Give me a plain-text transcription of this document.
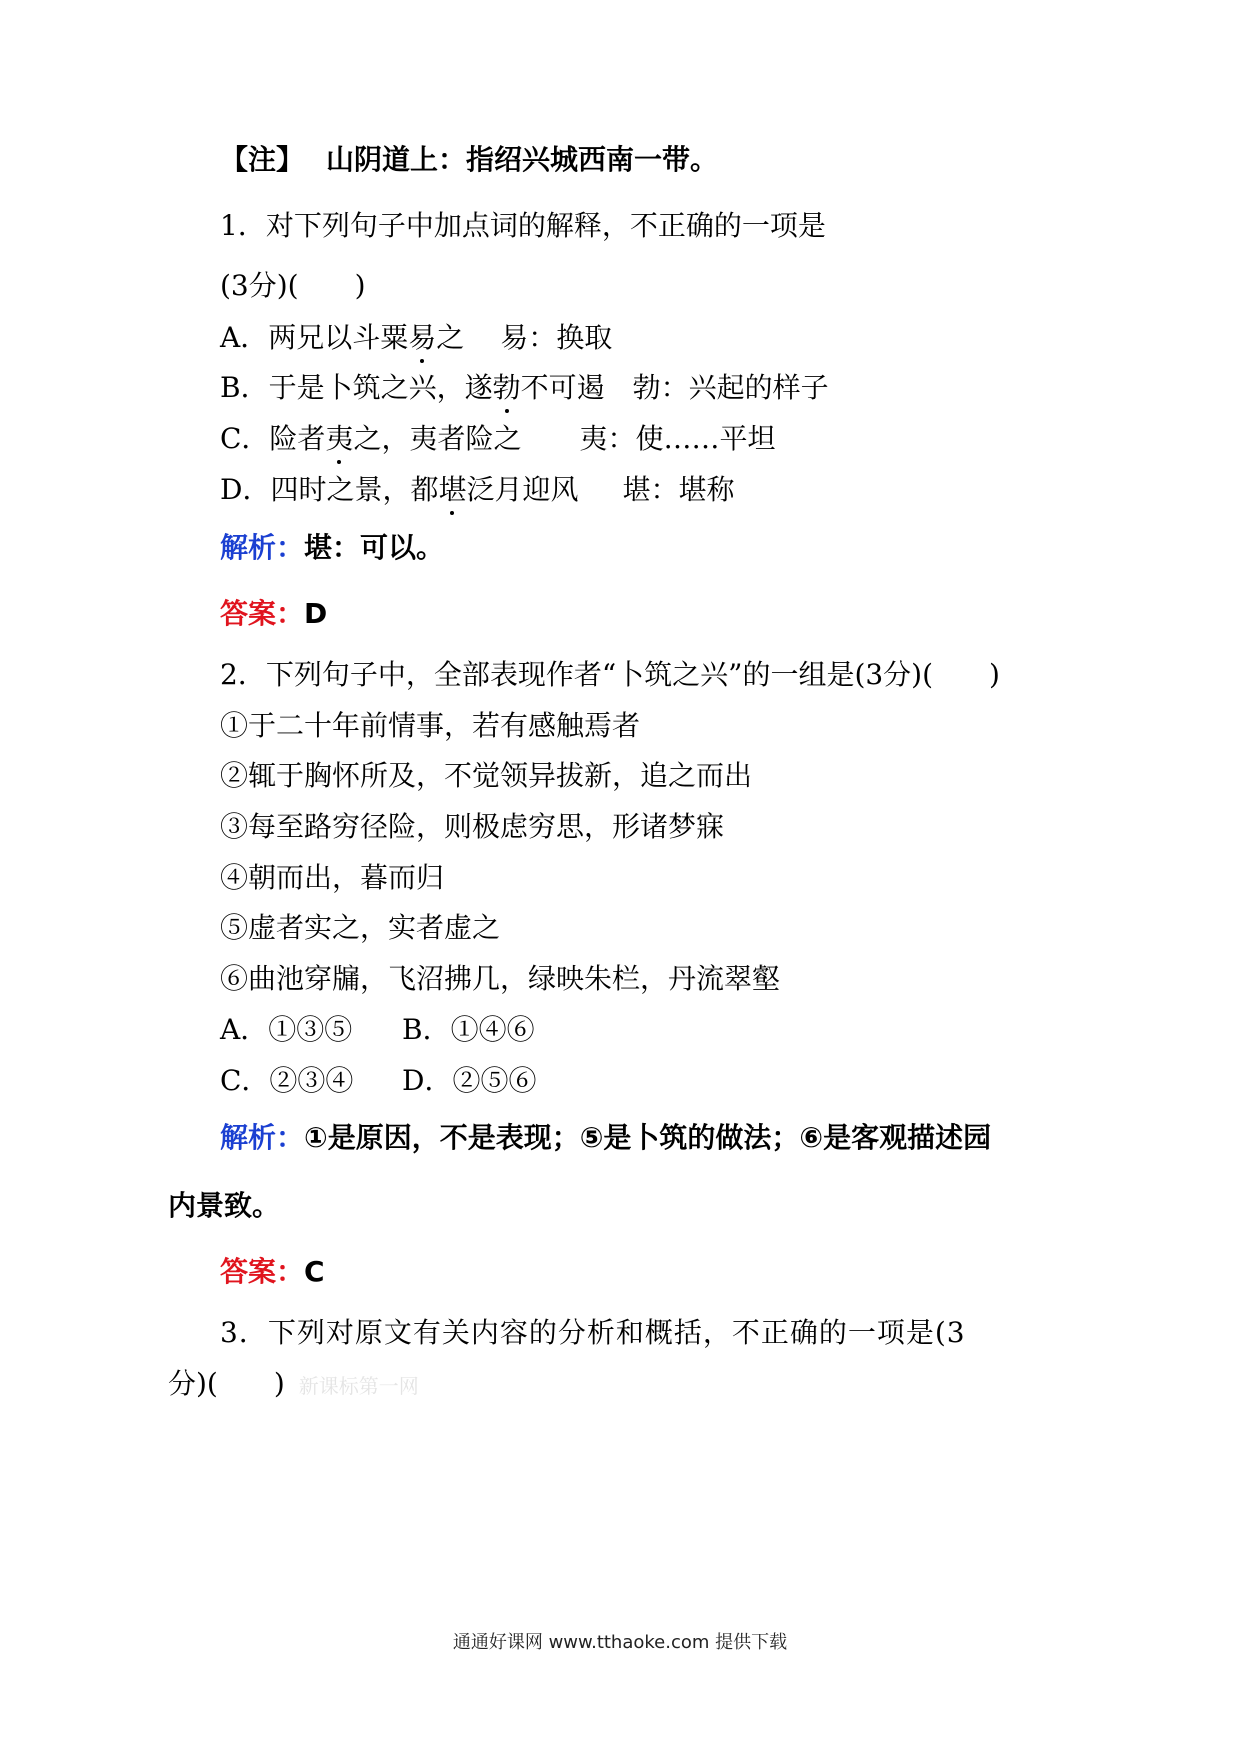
【注】 山阴道上：指绍兴城西南一带。
1．对下列句子中加点词的解释，不正确的一项是
(3分)(　　)
A．两兄以斗粟易之 易：换取
B．于是卜筑之兴，遂勃不可遏 勃：兴起的样子
C．险者夷之，夷者险之 夷：使……平坦
D．四时之景，都堪泛月迎风 堪：堪称
解析：堪：可以。
答案：D
2．下列句子中，全部表现作者“卜筑之兴”的一组是(3分)(　　)
①于二十年前情事，若有感触焉者
②辄于胸怀所及，不觉领异拔新，追之而出
③每至路穷径险，则极虑穷思，形诸梦寐
④朝而出，暮而归
⑤虚者实之，实者虚之
⑥曲池穿牖，飞沼拂几，绿映朱栏，丹流翠壑
A．①③⑤ B．①④⑥
C．②③④ D．②⑤⑥
解析：①是原因，不是表现；⑤是卜筑的做法；⑥是客观描述园
内景致。
答案：C
3．下列对原文有关内容的分析和概括，不正确的一项是(3
分)(　　) 新课标第一网
通通好课网 www.tthaoke.com 提供下载
